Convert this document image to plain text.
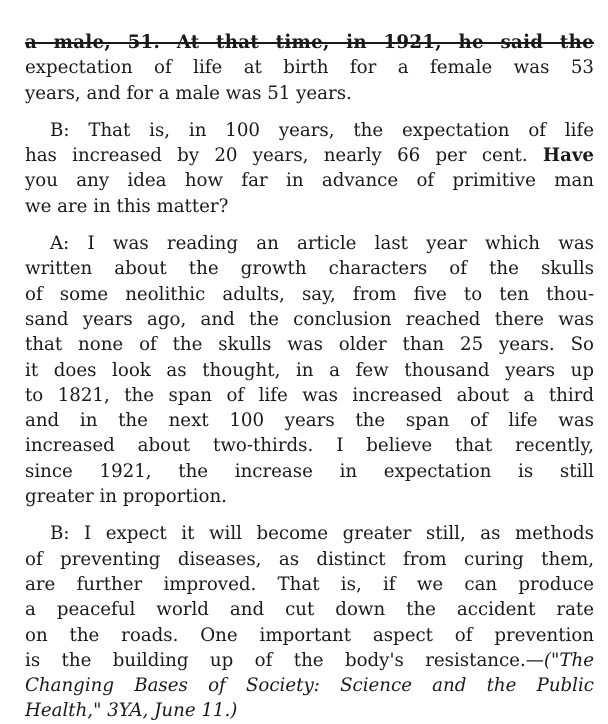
a male, 51. At that time, in 1921, he said the

expectation of life at birth for a female was 53
years, and for a male was 51 years.
B: That is, in 100 years, the expectation of life
has increased by 20 years, nearly 66 per cent. Have
you any idea how far in advance of primitive man
we are in this matter?
A: I was reading an article last year which was
written about the growth characters of the skulls
of some neolithic adults, say, from five to ten thou-
sand years ago, and the conclusion reached there was
that none of the skulls was older than 25 years. So
it does look as thought, in a few thousand years up
to 1821, the span of life was increased about a third
and in the next 100 years the span of life was
increased about two-thirds. I believe that recently,
since 1921, the increase in expectation is still
greater in proportion.
B: I expect it will become greater still, as methods
of preventing diseases, as distinct from curing them,
are further improved. That is, if we can produce
a peaceful world and cut down the accident rate
on the roads. One important aspect of prevention
is the building up of the body's resistance.—("The
Changing Bases of Society: Science and the Public
Health," 3YA, June 11.)
